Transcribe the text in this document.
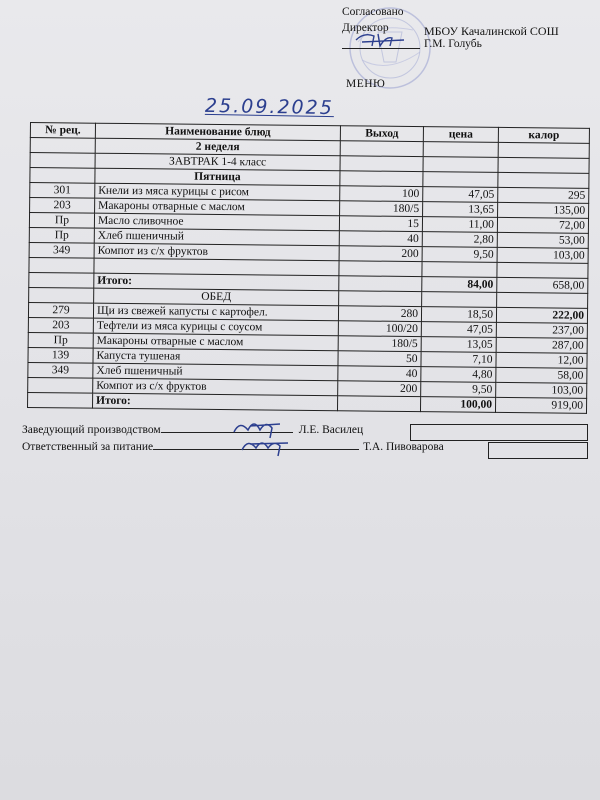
Согласовано
Директор	МБОУ Качалинской СОШ
Г.М. Голубь
МЕНЮ
25.09.2025
№ рец.	Наименование блюд	Выход	цена	калор
	2 неделя			
	ЗАВТРАК 1-4 класс			
	Пятница			
301	Кнели из мяса курицы с рисом	100	47,05	295
203	Макароны отварные с маслом	180/5	13,65	135,00
Пр	Масло сливочное	15	11,00	72,00
Пр	Хлеб пшеничный	40	2,80	53,00
349	Компот из с/х фруктов	200	9,50	103,00

	Итого:		84,00	658,00
	ОБЕД			
279	Щи из свежей капусты с картофел.	280	18,50	222,00
203	Тефтели из мяса курицы с соусом	100/20	47,05	237,00
Пр	Макароны отварные с маслом	180/5	13,05	287,00
139	Капуста тушеная	50	7,10	12,00
349	Хлеб пшеничный	40	4,80	58,00
	Компот из с/х фруктов	200	9,50	103,00
	Итого:		100,00	919,00
Заведующий производством	Л.Е. Василец
Ответственный за питание	Т.А. Пивоварова
